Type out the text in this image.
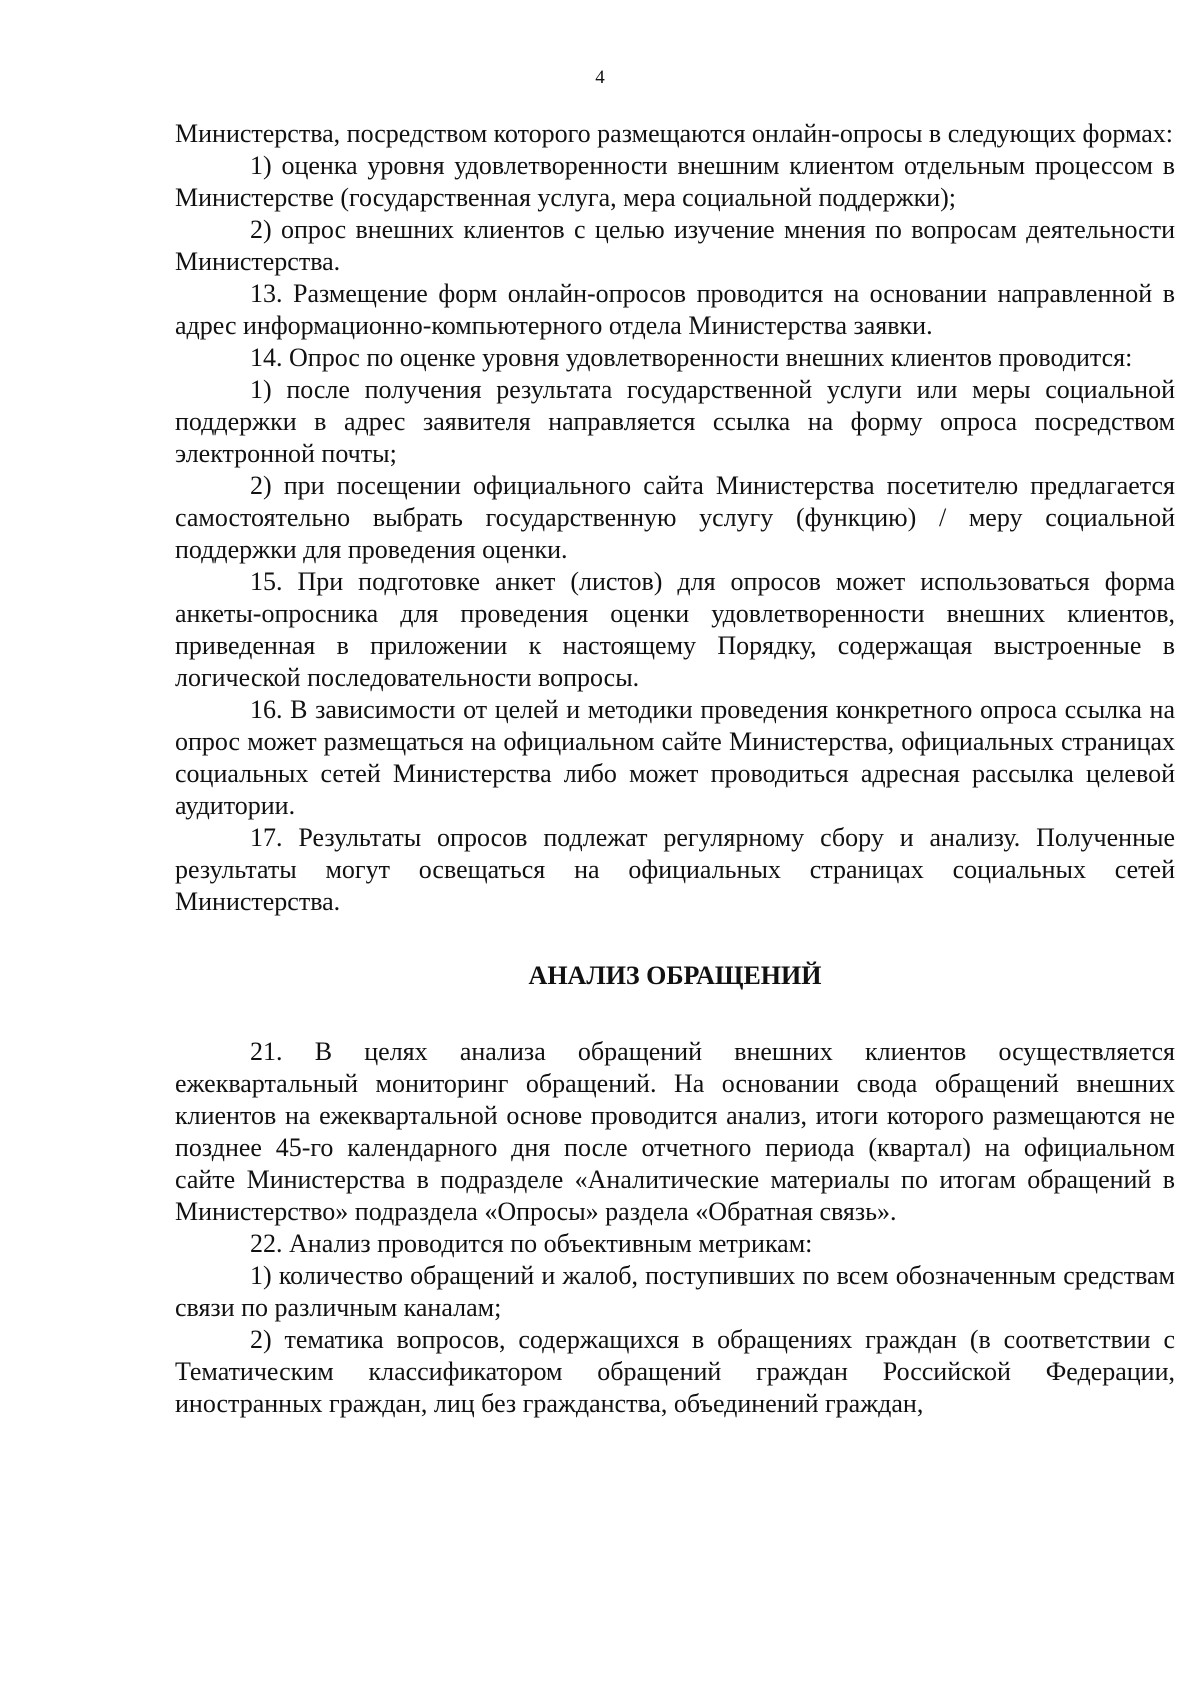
4

Министерства, посредством которого размещаются онлайн-опросы в следующих формах:

1) оценка уровня удовлетворенности внешним клиентом отдельным процессом в Министерстве (государственная услуга, мера социальной поддержки);

2) опрос внешних клиентов с целью изучение мнения по вопросам деятельности Министерства.

13. Размещение форм онлайн-опросов проводится на основании направленной в адрес информационно-компьютерного отдела Министерства заявки.

14. Опрос по оценке уровня удовлетворенности внешних клиентов проводится:

1) после получения результата государственной услуги или меры социальной поддержки в адрес заявителя направляется ссылка на форму опроса посредством электронной почты;

2) при посещении официального сайта Министерства посетителю предлагается самостоятельно выбрать государственную услугу (функцию) / меру социальной поддержки для проведения оценки.

15. При подготовке анкет (листов) для опросов может использоваться форма анкеты-опросника для проведения оценки удовлетворенности внешних клиентов, приведенная в приложении к настоящему Порядку, содержащая выстроенные в логической последовательности вопросы.

16. В зависимости от целей и методики проведения конкретного опроса ссылка на опрос может размещаться на официальном сайте Министерства, официальных страницах социальных сетей Министерства либо может проводиться адресная рассылка целевой аудитории.

17. Результаты опросов подлежат регулярному сбору и анализу. Полученные результаты могут освещаться на официальных страницах социальных сетей Министерства.

АНАЛИЗ ОБРАЩЕНИЙ

21. В целях анализа обращений внешних клиентов осуществляется ежеквартальный мониторинг обращений. На основании свода обращений внешних клиентов на ежеквартальной основе проводится анализ, итоги которого размещаются не позднее 45-го календарного дня после отчетного периода (квартал) на официальном сайте Министерства в подразделе «Аналитические материалы по итогам обращений в Министерство» подраздела «Опросы» раздела «Обратная связь».

22. Анализ проводится по объективным метрикам:

1) количество обращений и жалоб, поступивших по всем обозначенным средствам связи по различным каналам;

2) тематика вопросов, содержащихся в обращениях граждан (в соответствии с Тематическим классификатором обращений граждан Российской Федерации, иностранных граждан, лиц без гражданства, объединений граждан,
